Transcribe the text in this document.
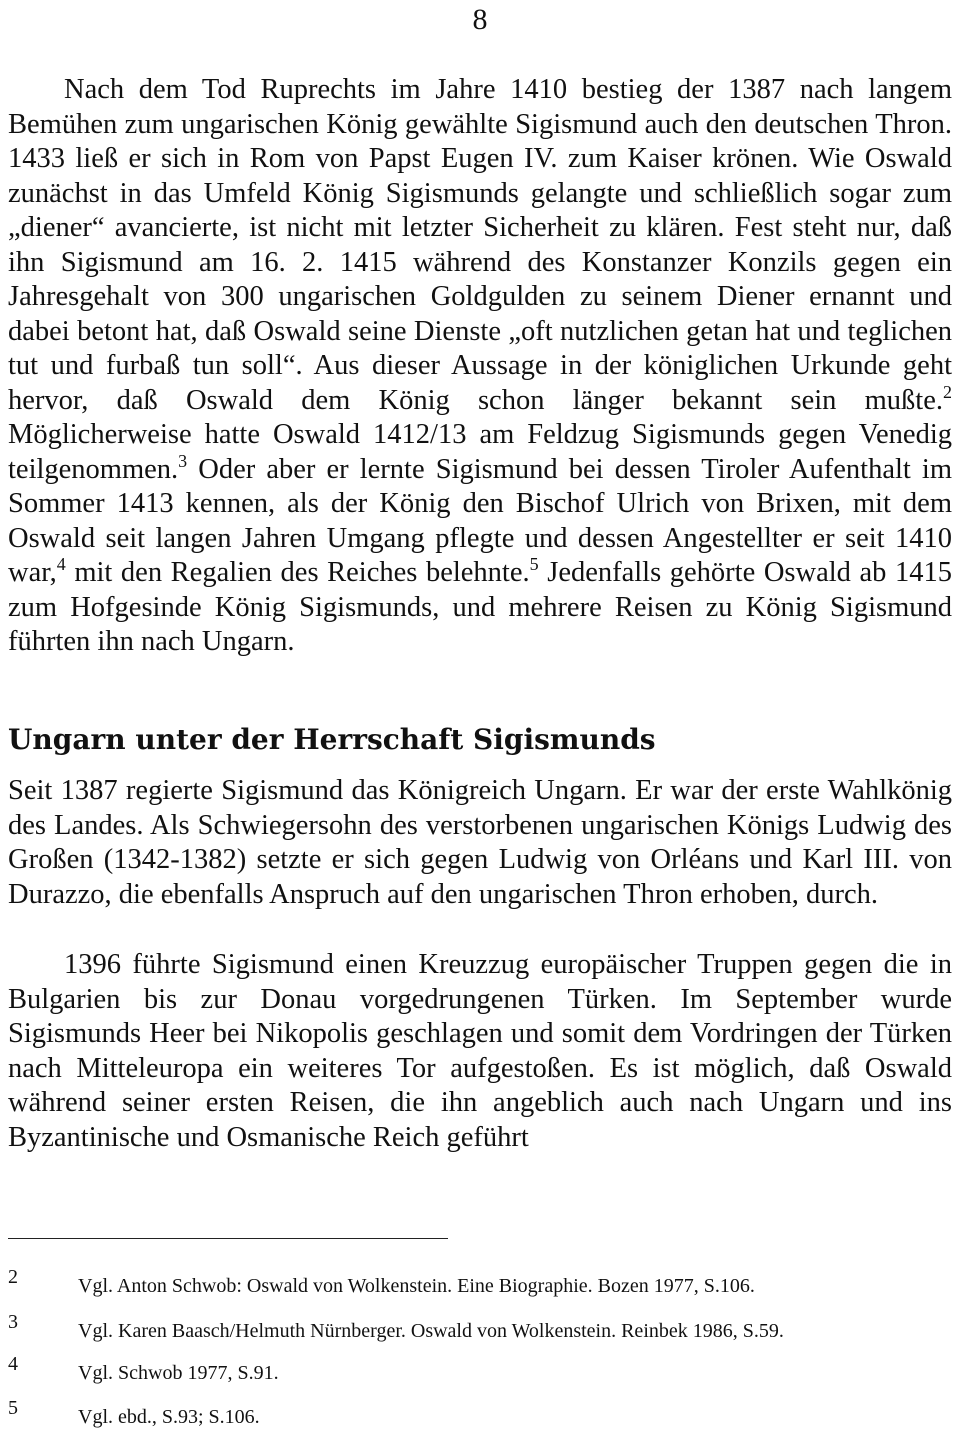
8

Nach dem Tod Ruprechts im Jahre 1410 bestieg der 1387 nach langem Bemühen zum ungarischen König gewählte Sigismund auch den deutschen Thron. 1433 ließ er sich in Rom von Papst Eugen IV. zum Kaiser krönen. Wie Oswald zunächst in das Umfeld König Sigismunds gelangte und schließlich sogar zum „diener“ avancierte, ist nicht mit letzter Sicherheit zu klären. Fest steht nur, daß ihn Sigismund am 16. 2. 1415 während des Konstanzer Konzils gegen ein Jahresgehalt von 300 ungarischen Goldgulden zu seinem Diener ernannt und dabei betont hat, daß Oswald seine Dienste „oft nutzlichen getan hat und teglichen tut und furbaß tun soll“. Aus dieser Aussage in der königlichen Urkunde geht hervor, daß Oswald dem König schon länger bekannt sein mußte.$^2$ Möglicherweise hatte Oswald 1412/13 am Feldzug Sigismunds gegen Venedig teilgenommen.$^3$ Oder aber er lernte Sigismund bei dessen Tiroler Aufenthalt im Sommer 1413 kennen, als der König den Bischof Ulrich von Brixen, mit dem Oswald seit langen Jahren Umgang pflegte und dessen Angestellter er seit 1410 war,$^4$ mit den Regalien des Reiches belehnte.$^5$ Jedenfalls gehörte Oswald ab 1415 zum Hofgesinde König Sigismunds, und mehrere Reisen zu König Sigismund führten ihn nach Ungarn.

Ungarn unter der Herrschaft Sigismunds

Seit 1387 regierte Sigismund das Königreich Ungarn. Er war der erste Wahlkönig des Landes. Als Schwiegersohn des verstorbenen ungarischen Königs Ludwig des Großen (1342-1382) setzte er sich gegen Ludwig von Orléans und Karl III. von Durazzo, die ebenfalls Anspruch auf den ungarischen Thron erhoben, durch.

1396 führte Sigismund einen Kreuzzug europäischer Truppen gegen die in Bulgarien bis zur Donau vorgedrungenen Türken. Im September wurde Sigismunds Heer bei Nikopolis geschlagen und somit dem Vordringen der Türken nach Mitteleuropa ein weiteres Tor aufgestoßen. Es ist möglich, daß Oswald während seiner ersten Reisen, die ihn angeblich auch nach Ungarn und ins Byzantinische und Osmanische Reich geführt

2	Vgl. Anton Schwob: Oswald von Wolkenstein. Eine Biographie. Bozen 1977, S.106.
3	Vgl. Karen Baasch/Helmuth Nürnberger. Oswald von Wolkenstein. Reinbek 1986, S.59.
4	Vgl. Schwob 1977, S.91.
5	Vgl. ebd., S.93; S.106.
